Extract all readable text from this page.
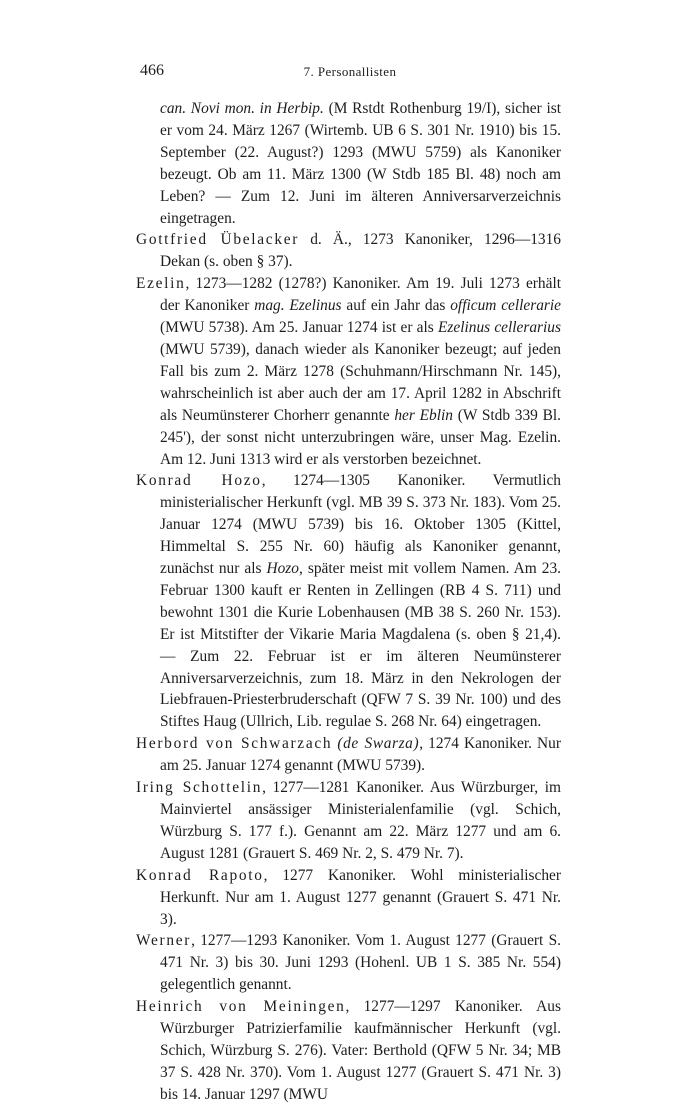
466	7. Personallisten

can. Novi mon. in Herbip. (M Rstdt Rothenburg 19/I), sicher ist er vom 24. März 1267 (Wirtemb. UB 6 S. 301 Nr. 1910) bis 15. September (22. August?) 1293 (MWU 5759) als Kanoniker bezeugt. Ob am 11. März 1300 (W Stdb 185 Bl. 48) noch am Leben? — Zum 12. Juni im älteren Anniversarverzeichnis eingetragen.

Gottfried Übelacker d. Ä., 1273 Kanoniker, 1296—1316 Dekan (s. oben § 37).

Ezelin, 1273—1282 (1278?) Kanoniker. Am 19. Juli 1273 erhält der Kanoniker mag. Ezelinus auf ein Jahr das officum cellerarie (MWU 5738). Am 25. Januar 1274 ist er als Ezelinus cellerarius (MWU 5739), danach wieder als Kanoniker bezeugt; auf jeden Fall bis zum 2. März 1278 (Schuhmann/Hirschmann Nr. 145), wahrscheinlich ist aber auch der am 17. April 1282 in Abschrift als Neumünsterer Chorherr genannte her Eblin (W Stdb 339 Bl. 245'), der sonst nicht unterzubringen wäre, unser Mag. Ezelin. Am 12. Juni 1313 wird er als verstorben bezeichnet.

Konrad Hozo, 1274—1305 Kanoniker. Vermutlich ministerialischer Herkunft (vgl. MB 39 S. 373 Nr. 183). Vom 25. Januar 1274 (MWU 5739) bis 16. Oktober 1305 (Kittel, Himmeltal S. 255 Nr. 60) häufig als Kanoniker genannt, zunächst nur als Hozo, später meist mit vollem Namen. Am 23. Februar 1300 kauft er Renten in Zellingen (RB 4 S. 711) und bewohnt 1301 die Kurie Lobenhausen (MB 38 S. 260 Nr. 153). Er ist Mitstifter der Vikarie Maria Magdalena (s. oben § 21,4). — Zum 22. Februar ist er im älteren Neumünsterer Anniversarverzeichnis, zum 18. März in den Nekrologen der Liebfrauen-Priesterbruderschaft (QFW 7 S. 39 Nr. 100) und des Stiftes Haug (Ullrich, Lib. regulae S. 268 Nr. 64) eingetragen.

Herbord von Schwarzach (de Swarza), 1274 Kanoniker. Nur am 25. Januar 1274 genannt (MWU 5739).

Iring Schottelin, 1277—1281 Kanoniker. Aus Würzburger, im Mainviertel ansässiger Ministerialenfamilie (vgl. Schich, Würzburg S. 177 f.). Genannt am 22. März 1277 und am 6. August 1281 (Grauert S. 469 Nr. 2, S. 479 Nr. 7).

Konrad Rapoto, 1277 Kanoniker. Wohl ministerialischer Herkunft. Nur am 1. August 1277 genannt (Grauert S. 471 Nr. 3).

Werner, 1277—1293 Kanoniker. Vom 1. August 1277 (Grauert S. 471 Nr. 3) bis 30. Juni 1293 (Hohenl. UB 1 S. 385 Nr. 554) gelegentlich genannt.

Heinrich von Meiningen, 1277—1297 Kanoniker. Aus Würzburger Patrizierfamilie kaufmännischer Herkunft (vgl. Schich, Würzburg S. 276). Vater: Berthold (QFW 5 Nr. 34; MB 37 S. 428 Nr. 370). Vom 1. August 1277 (Grauert S. 471 Nr. 3) bis 14. Januar 1297 (MWU
